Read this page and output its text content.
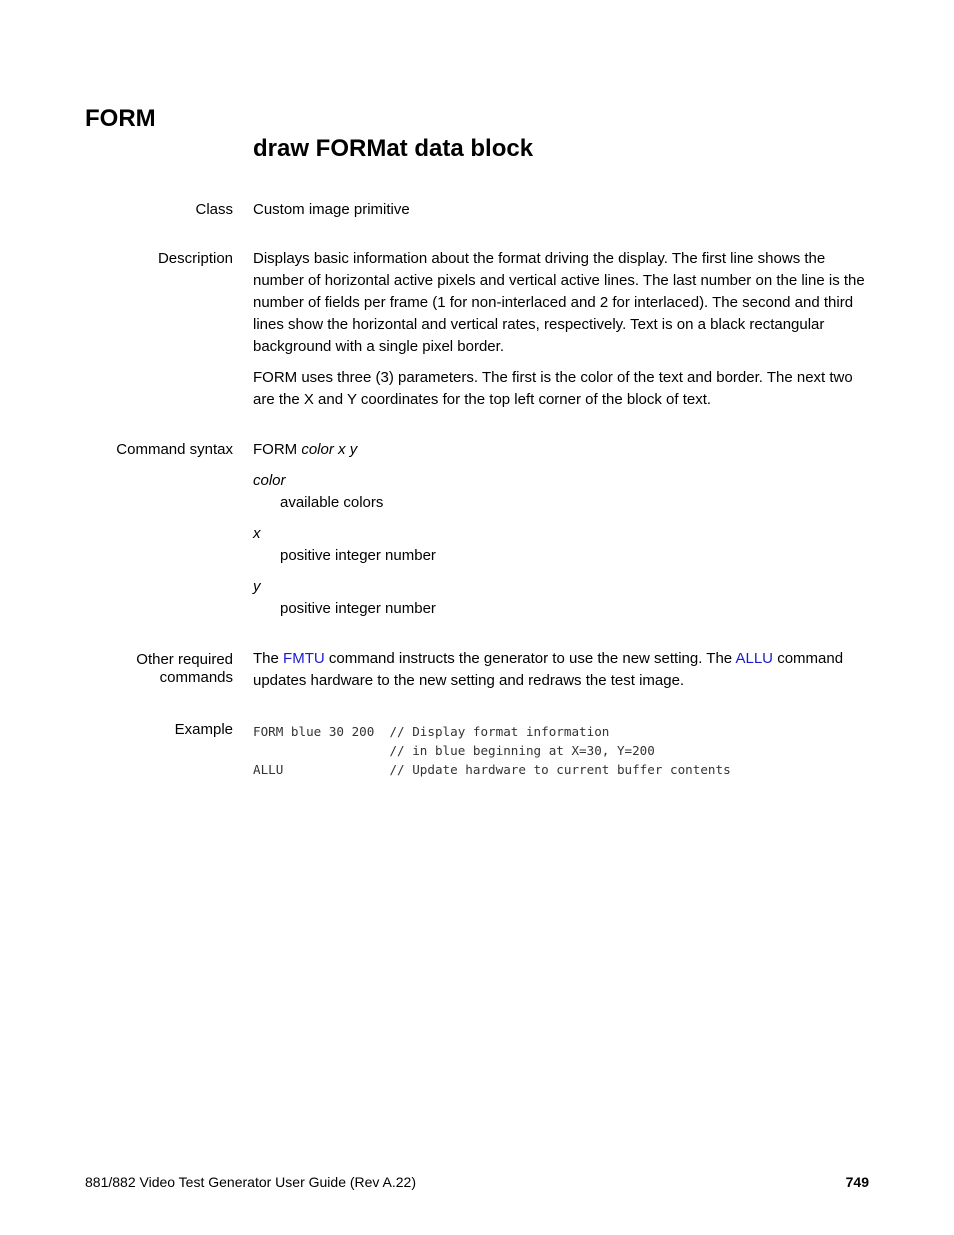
FORM
draw FORMat data block
Class Custom image primitive
Description Displays basic information about the format driving the display. The first line shows the number of horizontal active pixels and vertical active lines. The last number on the line is the number of fields per frame (1 for non-interlaced and 2 for interlaced). The second and third lines show the horizontal and vertical rates, respectively. Text is on a black rectangular background with a single pixel border.

FORM uses three (3) parameters. The first is the color of the text and border. The next two are the X and Y coordinates for the top left corner of the block of text.

Command syntax FORM color x y
color
available colors
x
positive integer number
y
positive integer number
Other required
commands
The FMTU command instructs the generator to use the new setting. The ALLU command updates hardware to the new setting and redraws the test image.
Example FORM blue 30 200  // Display format information
// in blue beginning at X=30, Y=200
ALLU              // Update hardware to current buffer contents
881/882 Video Test Generator User Guide (Rev A.22)	749
